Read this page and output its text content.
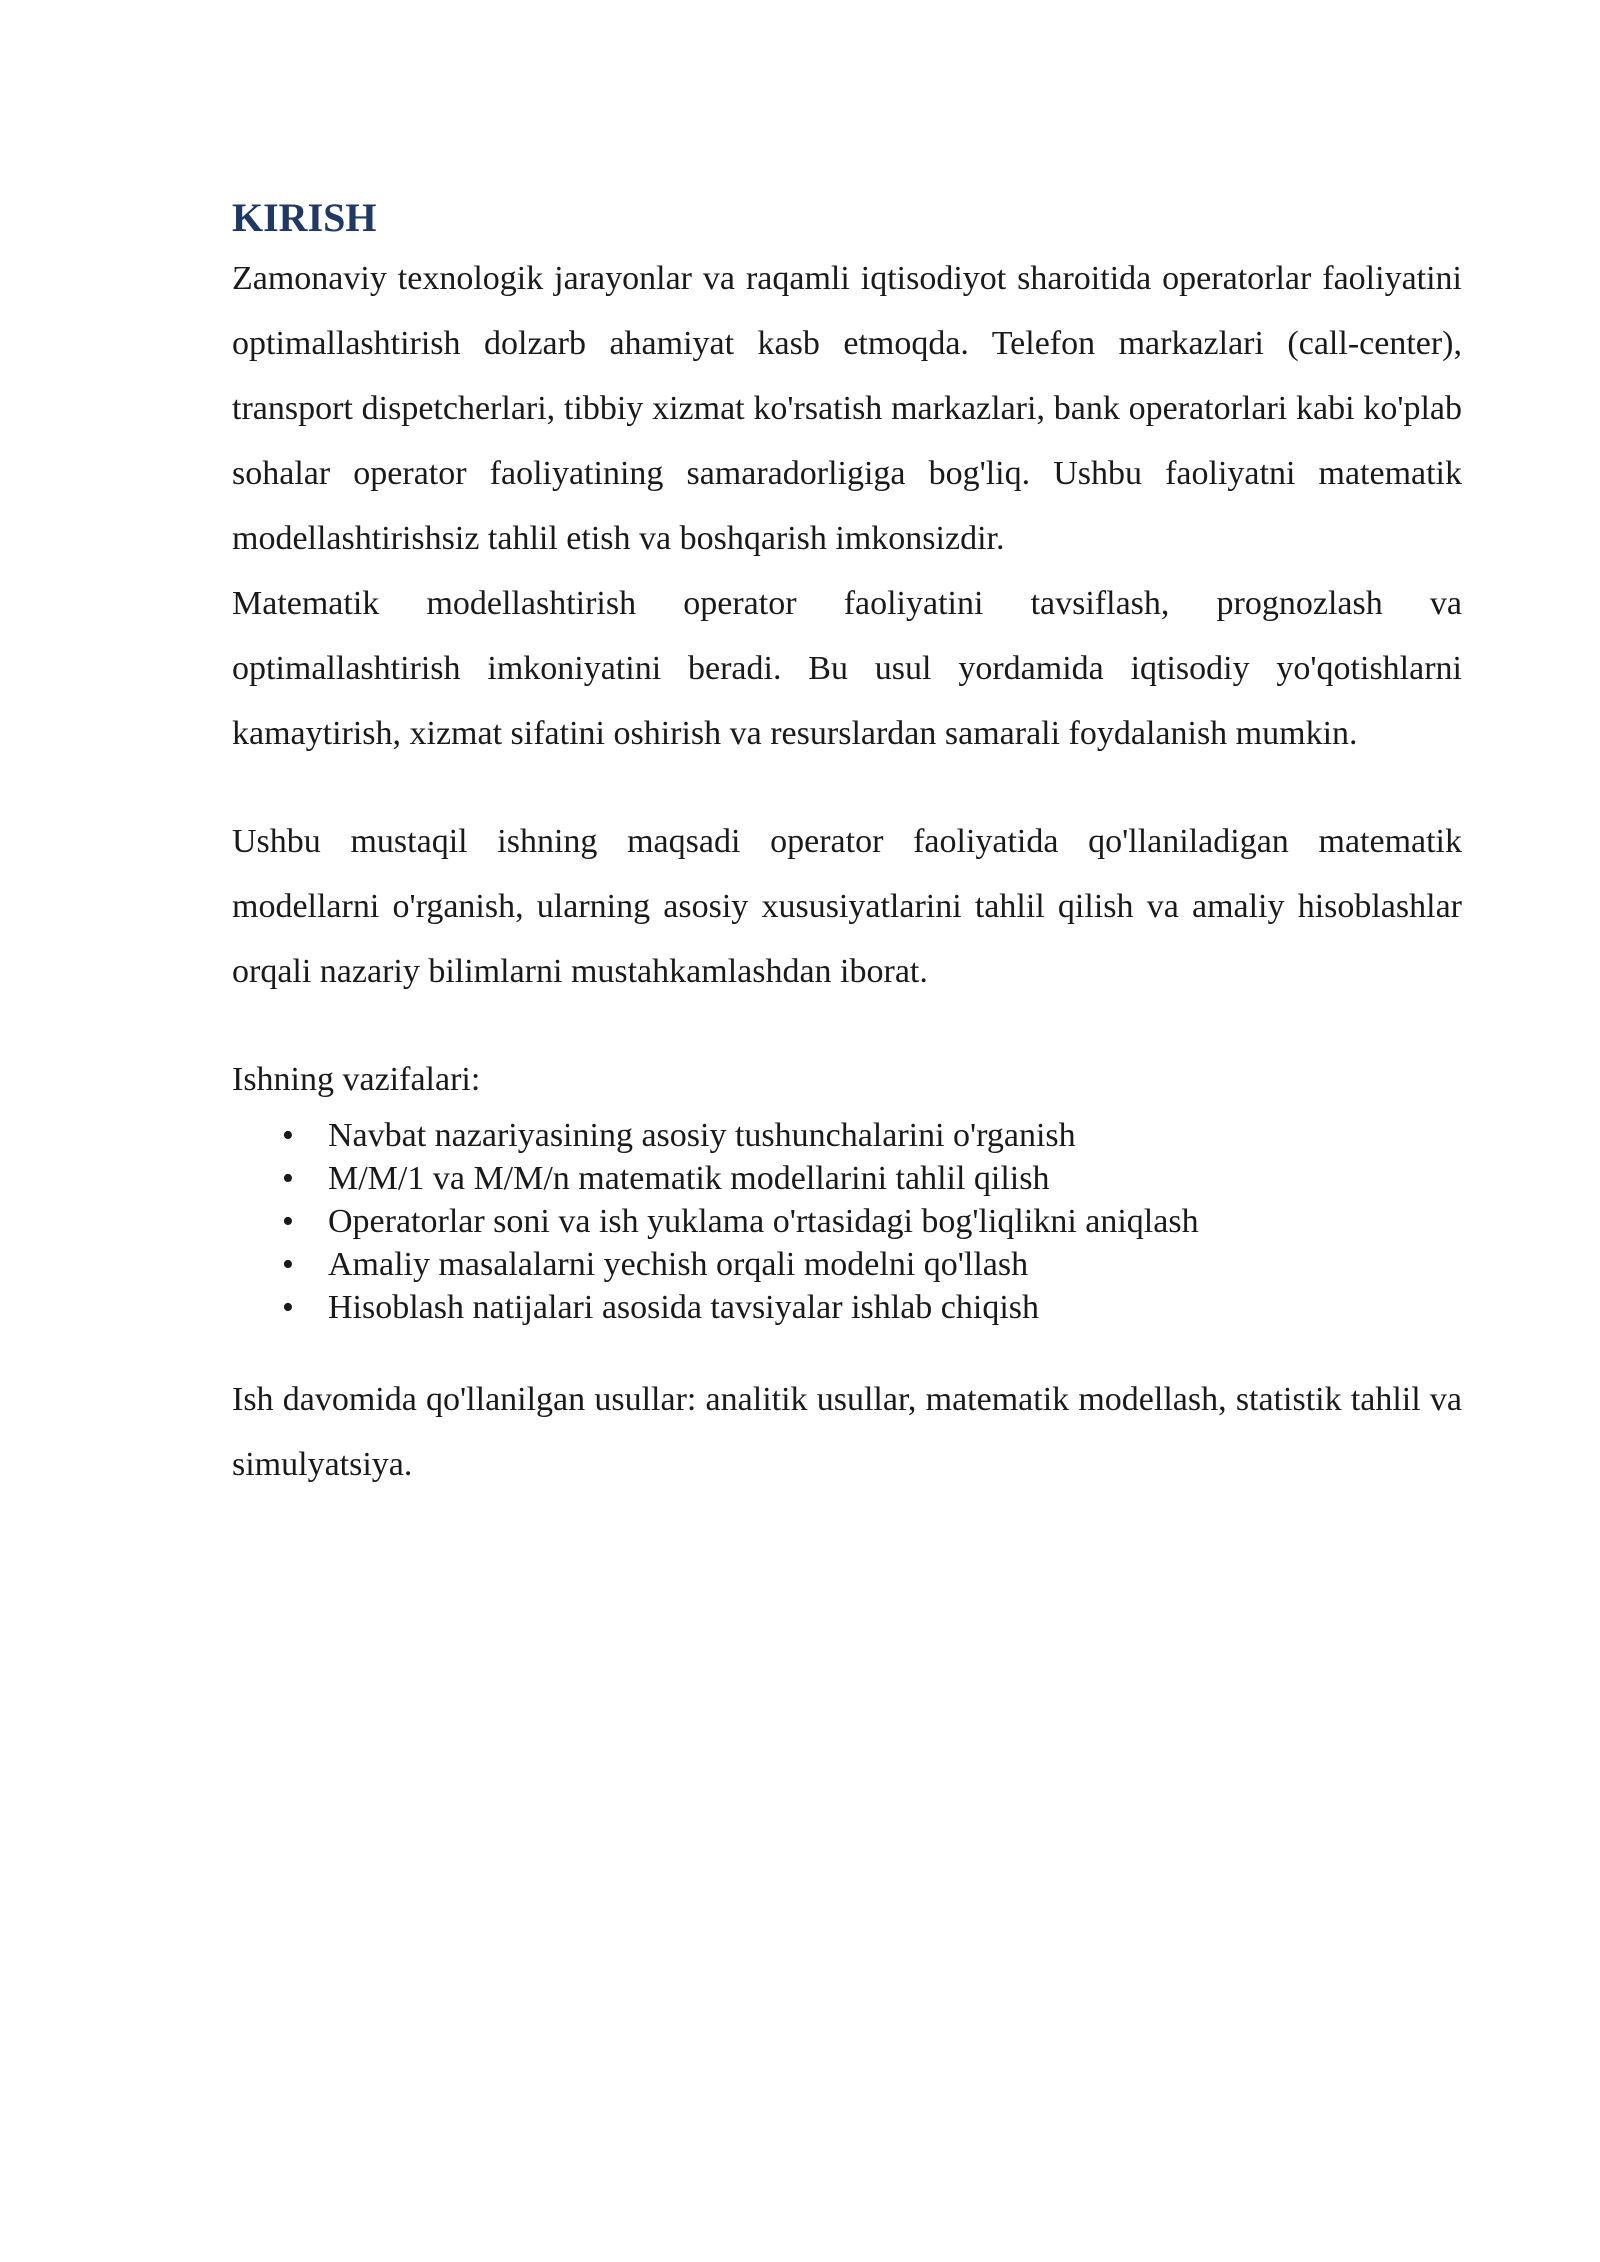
KIRISH

Zamonaviy texnologik jarayonlar va raqamli iqtisodiyot sharoitida operatorlar faoliyatini optimallashtirish dolzarb ahamiyat kasb etmoqda. Telefon markazlari (call-center), transport dispetcherlari, tibbiy xizmat ko'rsatish markazlari, bank operatorlari kabi ko'plab sohalar operator faoliyatining samaradorligiga bog'liq. Ushbu faoliyatni matematik modellashtirishsiz tahlil etish va boshqarish imkonsizdir.

Matematik modellashtirish operator faoliyatini tavsiflash, prognozlash va optimallashtirish imkoniyatini beradi. Bu usul yordamida iqtisodiy yo'qotishlarni kamaytirish, xizmat sifatini oshirish va resurslardan samarali foydalanish mumkin.

Ushbu mustaqil ishning maqsadi operator faoliyatida qo'llaniladigan matematik modellarni o'rganish, ularning asosiy xususiyatlarini tahlil qilish va amaliy hisoblashlar orqali nazariy bilimlarni mustahkamlashdan iborat.

Ishning vazifalari:

• Navbat nazariyasining asosiy tushunchalarini o'rganish
• M/M/1 va M/M/n matematik modellarini tahlil qilish
• Operatorlar soni va ish yuklama o'rtasidagi bog'liqlikni aniqlash
• Amaliy masalalarni yechish orqali modelni qo'llash
• Hisoblash natijalari asosida tavsiyalar ishlab chiqish

Ish davomida qo'llanilgan usullar: analitik usullar, matematik modellash, statistik tahlil va simulyatsiya.
